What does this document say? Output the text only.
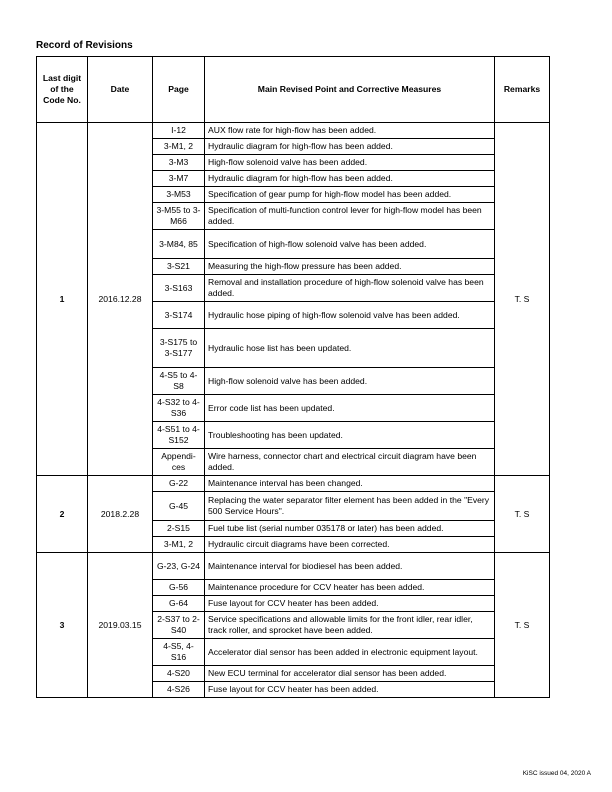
Record of Revisions
Last digit of the Code No.	Date	Page	Main Revised Point and Corrective Measures	Remarks
1	2016.12.28	I-12	AUX flow rate for high-flow has been added.	T. S
		3-M1, 2	Hydraulic diagram for high-flow has been added.	
		3-M3	High-flow solenoid valve has been added.	
		3-M7	Hydraulic diagram for high-flow has been added.	
		3-M53	Specification of gear pump for high-flow model has been added.	
		3-M55 to 3-M66	Specification of multi-function control lever for high-flow model has been added.	
		3-M84, 85	Specification of high-flow solenoid valve has been added.	
		3-S21	Measuring the high-flow pressure has been added.	
		3-S163	Removal and installation procedure of high-flow solenoid valve has been added.	
		3-S174	Hydraulic hose piping of high-flow solenoid valve has been added.	
		3-S175 to 3-S177	Hydraulic hose list has been updated.	
		4-S5 to 4-S8	High-flow solenoid valve has been added.	
		4-S32 to 4-S36	Error code list has been updated.	
		4-S51 to 4-S152	Troubleshooting has been updated.	
		Appendi-ces	Wire harness, connector chart and electrical circuit diagram have been added.	
2	2018.2.28	G-22	Maintenance interval has been changed.	T. S
		G-45	Replacing the water separator filter element has been added in the "Every 500 Service Hours".	
		2-S15	Fuel tube list (serial number 035178 or later) has been added.	
		3-M1, 2	Hydraulic circuit diagrams have been corrected.	
3	2019.03.15	G-23, G-24	Maintenance interval for biodiesel has been added.	T. S
		G-56	Maintenance procedure for CCV heater has been added.	
		G-64	Fuse layout for CCV heater has been added.	
		2-S37 to 2-S40	Service specifications and allowable limits for the front idler, rear idler, track roller, and sprocket have been added.	
		4-S5, 4-S16	Accelerator dial sensor has been added in electronic equipment layout.	
		4-S20	New ECU terminal for accelerator dial sensor has been added.	
		4-S26	Fuse layout for CCV heater has been added.	
KiSC issued 04, 2020 A
